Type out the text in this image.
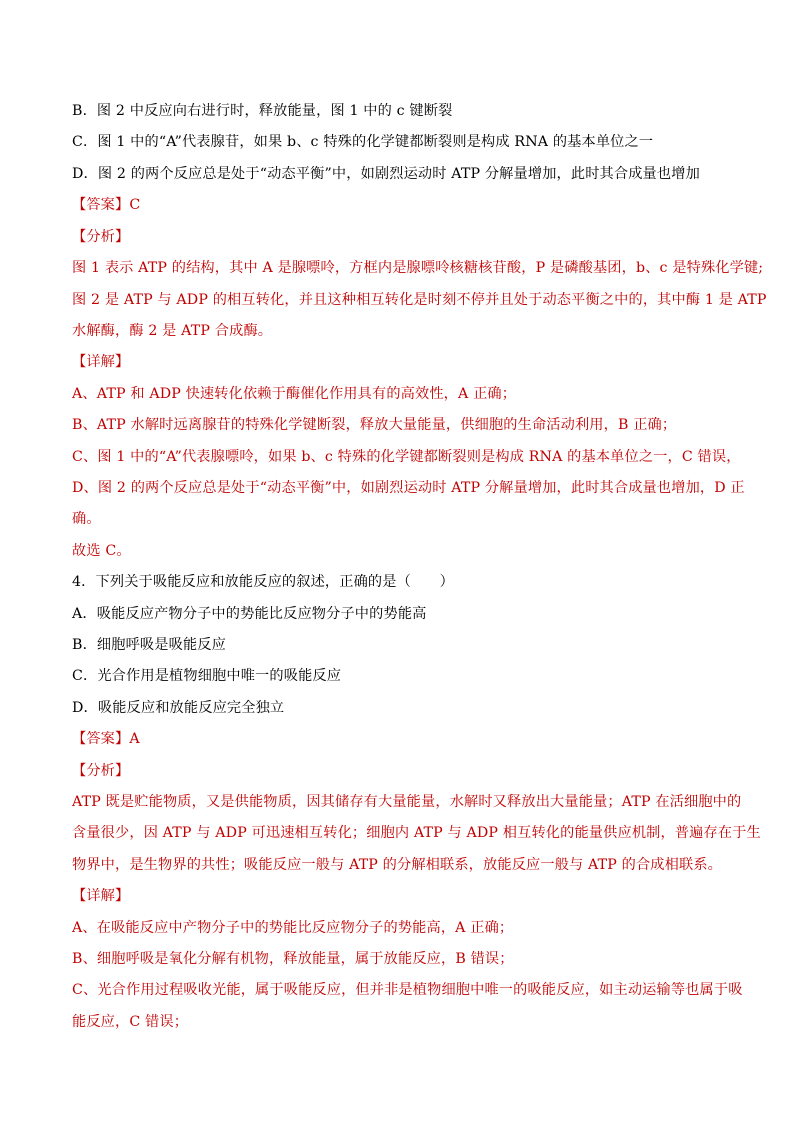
B．图 2 中反应向右进行时，释放能量，图 1 中的 c 键断裂
C．图 1 中的“A”代表腺苷，如果 b、c 特殊的化学键都断裂则是构成 RNA 的基本单位之一
D．图 2 的两个反应总是处于“动态平衡”中，如剧烈运动时 ATP 分解量增加，此时其合成量也增加
【答案】C
【分析】
图 1 表示 ATP 的结构，其中 A 是腺嘌呤，方框内是腺嘌呤核糖核苷酸，P 是磷酸基团，b、c 是特殊化学键;
图 2 是 ATP 与 ADP 的相互转化，并且这种相互转化是时刻不停并且处于动态平衡之中的，其中酶 1 是 ATP
水解酶，酶 2 是 ATP 合成酶。
【详解】
A、ATP 和 ADP 快速转化依赖于酶催化作用具有的高效性，A 正确；
B、ATP 水解时远离腺苷的特殊化学键断裂，释放大量能量，供细胞的生命活动利用，B 正确；
C、图 1 中的“A”代表腺嘌呤，如果 b、c 特殊的化学键都断裂则是构成 RNA 的基本单位之一，C 错误，
D、图 2 的两个反应总是处于“动态平衡”中，如剧烈运动时 ATP 分解量增加，此时其合成量也增加，D 正
确。
故选 C。
4．下列关于吸能反应和放能反应的叙述，正确的是（　　）
A．吸能反应产物分子中的势能比反应物分子中的势能高
B．细胞呼吸是吸能反应
C．光合作用是植物细胞中唯一的吸能反应
D．吸能反应和放能反应完全独立
【答案】A
【分析】
ATP 既是贮能物质，又是供能物质，因其储存有大量能量，水解时又释放出大量能量；ATP 在活细胞中的
含量很少，因 ATP 与 ADP 可迅速相互转化；细胞内 ATP 与 ADP 相互转化的能量供应机制，普遍存在于生
物界中，是生物界的共性；吸能反应一般与 ATP 的分解相联系，放能反应一般与 ATP 的合成相联系。
【详解】
A、在吸能反应中产物分子中的势能比反应物分子的势能高，A 正确；
B、细胞呼吸是氧化分解有机物，释放能量，属于放能反应，B 错误；
C、光合作用过程吸收光能，属于吸能反应，但并非是植物细胞中唯一的吸能反应，如主动运输等也属于吸
能反应，C 错误；
